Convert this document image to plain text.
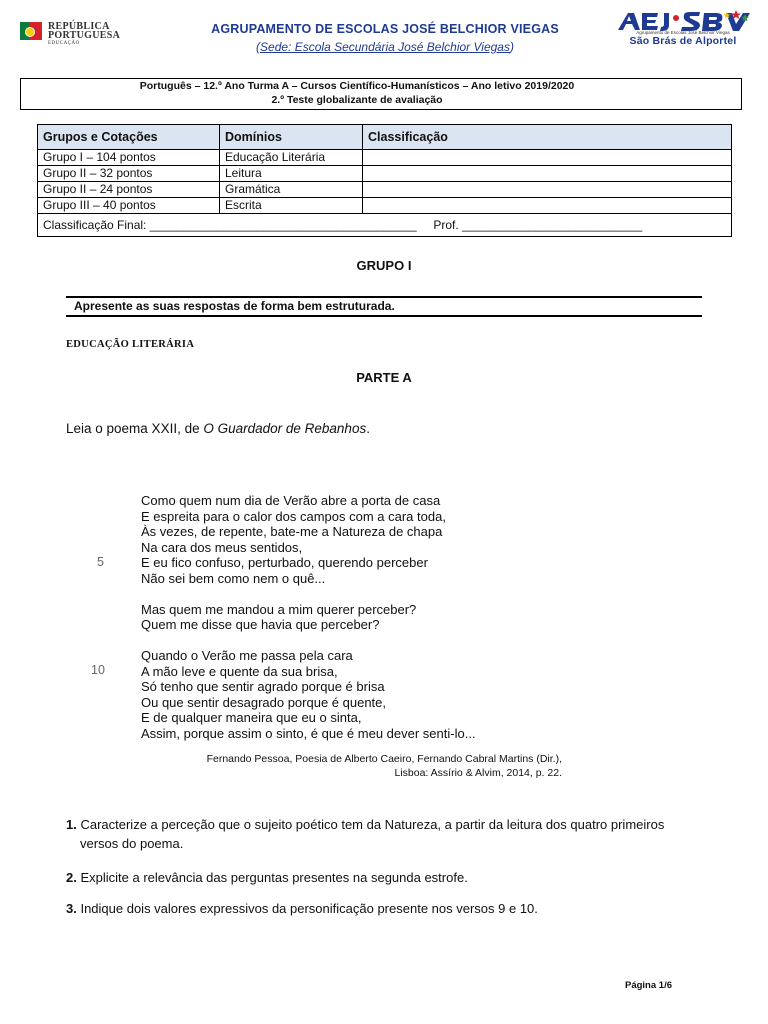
REPÚBLICA
PORTUGUESA
EDUCAÇÃO
AGRUPAMENTO DE ESCOLAS JOSÉ BELCHIOR VIEGAS
(Sede: Escola Secundária José Belchior Viegas)
Agrupamento de Escolas José Belchior Viegas
São Brás de Alportel
Português – 12.º Ano Turma A – Cursos Científico-Humanísticos – Ano letivo 2019/2020
2.º Teste globalizante de avaliação
Grupos e Cotações	Domínios	Classificação
Grupo I – 104 pontos	Educação Literária	
Grupo II – 32 pontos	Leitura	
Grupo II – 24 pontos	Gramática	
Grupo III – 40 pontos	Escrita	
Classificação Final: ________________________________________     Prof. ___________________________		
GRUPO I
Apresente as suas respostas de forma bem estruturada.
EDUCAÇÃO LITERÁRIA
PARTE A
Leia o poema XXII, de O Guardador de Rebanhos.
5
10
Como quem num dia de Verão abre a porta de casa
E espreita para o calor dos campos com a cara toda,
Às vezes, de repente, bate-me a Natureza de chapa
Na cara dos meus sentidos,
E eu fico confuso, perturbado, querendo perceber
Não sei bem como nem o quê...
Mas quem me mandou a mim querer perceber?
Quem me disse que havia que perceber?
Quando o Verão me passa pela cara
A mão leve e quente da sua brisa,
Só tenho que sentir agrado porque é brisa
Ou que sentir desagrado porque é quente,
E de qualquer maneira que eu o sinta,
Assim, porque assim o sinto, é que é meu dever senti-lo...
Fernando Pessoa, Poesia de Alberto Caeiro, Fernando Cabral Martins (Dir.),
Lisboa: Assírio & Alvim, 2014, p. 22.
1. Caracterize a perceção que o sujeito poético tem da Natureza, a partir da leitura dos quatro primeiros
versos do poema.
2. Explicite a relevância das perguntas presentes na segunda estrofe.
3. Indique dois valores expressivos da personificação presente nos versos 9 e 10.
Página 1/6
